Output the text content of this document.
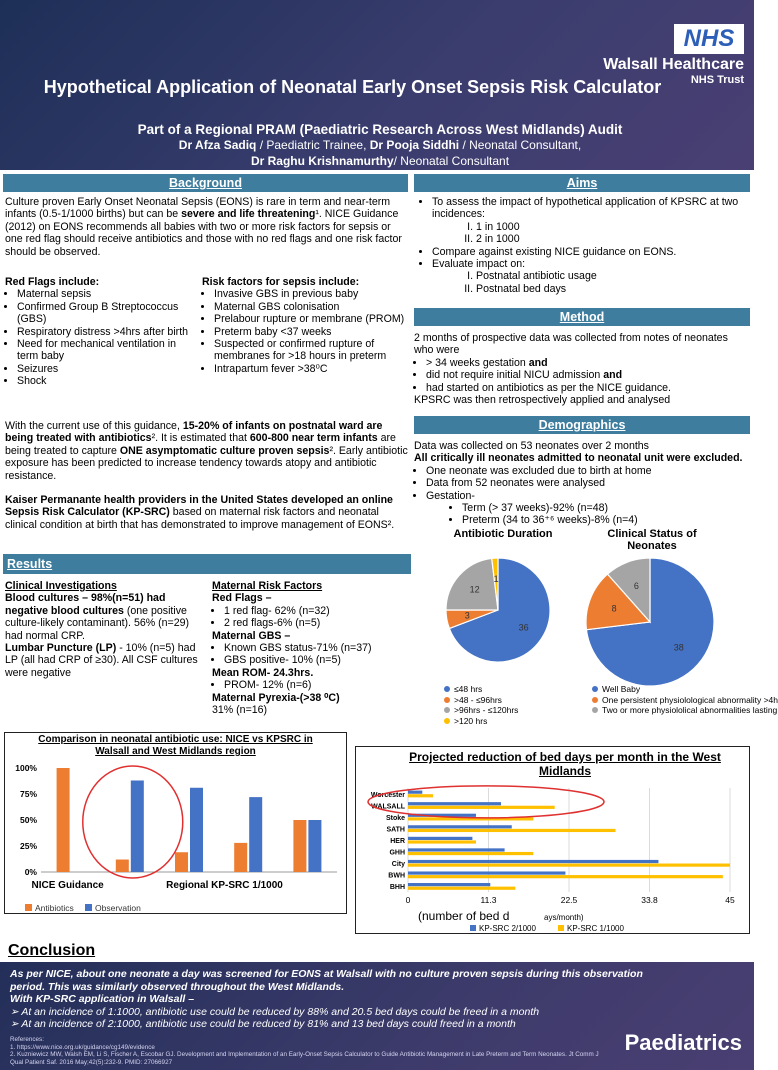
NHS
Walsall Healthcare
NHS Trust
Hypothetical Application of Neonatal Early Onset Sepsis Risk Calculator
Part of a Regional PRAM (Paediatric Research Across West Midlands) Audit
Dr Afza Sadiq / Paediatric Trainee, Dr Pooja Siddhi / Neonatal Consultant,
Dr Raghu Krishnamurthy/ Neonatal Consultant
Background
Culture proven Early Onset Neonatal Sepsis (EONS) is rare in term and near-term infants (0.5-1/1000 births) but can be severe and life threatening¹. NICE Guidance (2012) on EONS recommends all babies with two or more risk factors for sepsis or one red flag should receive antibiotics and those with no red flags and one risk factor should be observed.
Red Flags include:
• Maternal sepsis
• Confirmed Group B Streptococcus (GBS)
• Respiratory distress >4hrs after birth
• Need for mechanical ventilation in term baby
• Seizures
• Shock
Risk factors for sepsis include:
• Invasive GBS in previous baby
• Maternal GBS colonisation
• Prelabour rupture or membrane (PROM)
• Preterm baby <37 weeks
• Suspected or confirmed rupture of membranes for >18 hours in preterm
• Intrapartum fever >38⁰C
With the current use of this guidance, 15-20% of infants on postnatal ward are being treated with antibiotics². It is estimated that 600-800 near term infants are being treated to capture ONE asymptomatic culture proven sepsis². Early antibiotic exposure has been predicted to increase tendency towards atopy and antibiotic resistance.
Kaiser Permanante health providers in the United States developed an online Sepsis Risk Calculator (KP-SRC) based on maternal risk factors and neonatal clinical condition at birth that has demonstrated to improve management of EONS².
Aims
• To assess the impact of hypothetical application of KPSRC at two incidences:
I. 1 in 1000
II. 2 in 1000
• Compare against existing NICE guidance on EONS.
• Evaluate impact on:
I. Postnatal antibiotic usage
II. Postnatal bed days
Method
2 months of prospective data was collected from notes of neonates who were
• > 34 weeks gestation and
• did not require initial NICU admission and
• had started on antibiotics as per the NICE guidance.
KPSRC was then retrospectively applied and analysed
Demographics
Data was collected on 53 neonates over 2 months
All critically ill neonates admitted to neonatal unit were excluded.
• One neonate was excluded due to birth at home
• Data from 52 neonates were analysed
• Gestation-
• Term (> 37 weeks)-92% (n=48)
• Preterm (34 to 36⁺⁶ weeks)-8% (n=4)
Antibiotic Duration	Clinical Status of Neonates
36
3
12
1
38
8
6
≤48 hrs
>48 - ≤96hrs
>96hrs - ≤120hrs
>120 hrs
Well Baby
One persistent physiolological abnormality >4h
Two or more physiololical abnormalities lasting
Results
Clinical Investigations
Blood cultures – 98%(n=51) had negative blood cultures (one positive culture-likely contaminant). 56% (n=29) had normal CRP.
Lumbar Puncture (LP) - 10% (n=5) had LP (all had CRP of ≥30). All CSF cultures were negative
Maternal Risk Factors
Red Flags –
• 1 red flag- 62% (n=32)
• 2 red flags-6% (n=5)
Maternal GBS –
• Known GBS status-71% (n=37)
• GBS positive- 10% (n=5)
Mean ROM- 24.3hrs.
• PROM- 12% (n=6)
Maternal Pyrexia-(>38 ⁰C)
31% (n=16)
Comparison in neonatal antibiotic use: NICE vs KPSRC in
Walsall and West Midlands region
0%
25%
50%
75%
100%
NICE Guidance	Regional KP-SRC 1/1000
Antibiotics	Observation
Projected reduction of bed days per month in the West Midlands
0	11.3	22.5	33.8	45
Worcester
WALSALL
Stoke
SATH
HER
GHH
City
BWH
BHH
(number of bed d	ays/month)
KP-SRC 2/1000	KP-SRC 1/1000
Conclusion
As per NICE, about one neonate a day was screened for EONS at Walsall with no culture proven sepsis during this observation period. This was similarly observed throughout the West Midlands.
With KP-SRC application in Walsall –
➢ At an incidence of 1:1000, antibiotic use could be reduced by 88% and 20.5 bed days could be freed in a month
➢ At an incidence of 2:1000, antibiotic use could be reduced by 81% and 13 bed days could freed in a month
References:
1. https://www.nice.org.uk/guidance/cg149/evidence
2. Kuzniewicz MW, Walsh EM, Li S, Fischer A, Escobar GJ. Development and Implementation of an Early-Onset Sepsis Calculator to Guide Antibiotic Management in Late Preterm and Term Neonates. Jt Comm J Qual Patient Saf. 2016 May;42(5):232-9. PMID: 27066927
Paediatrics
